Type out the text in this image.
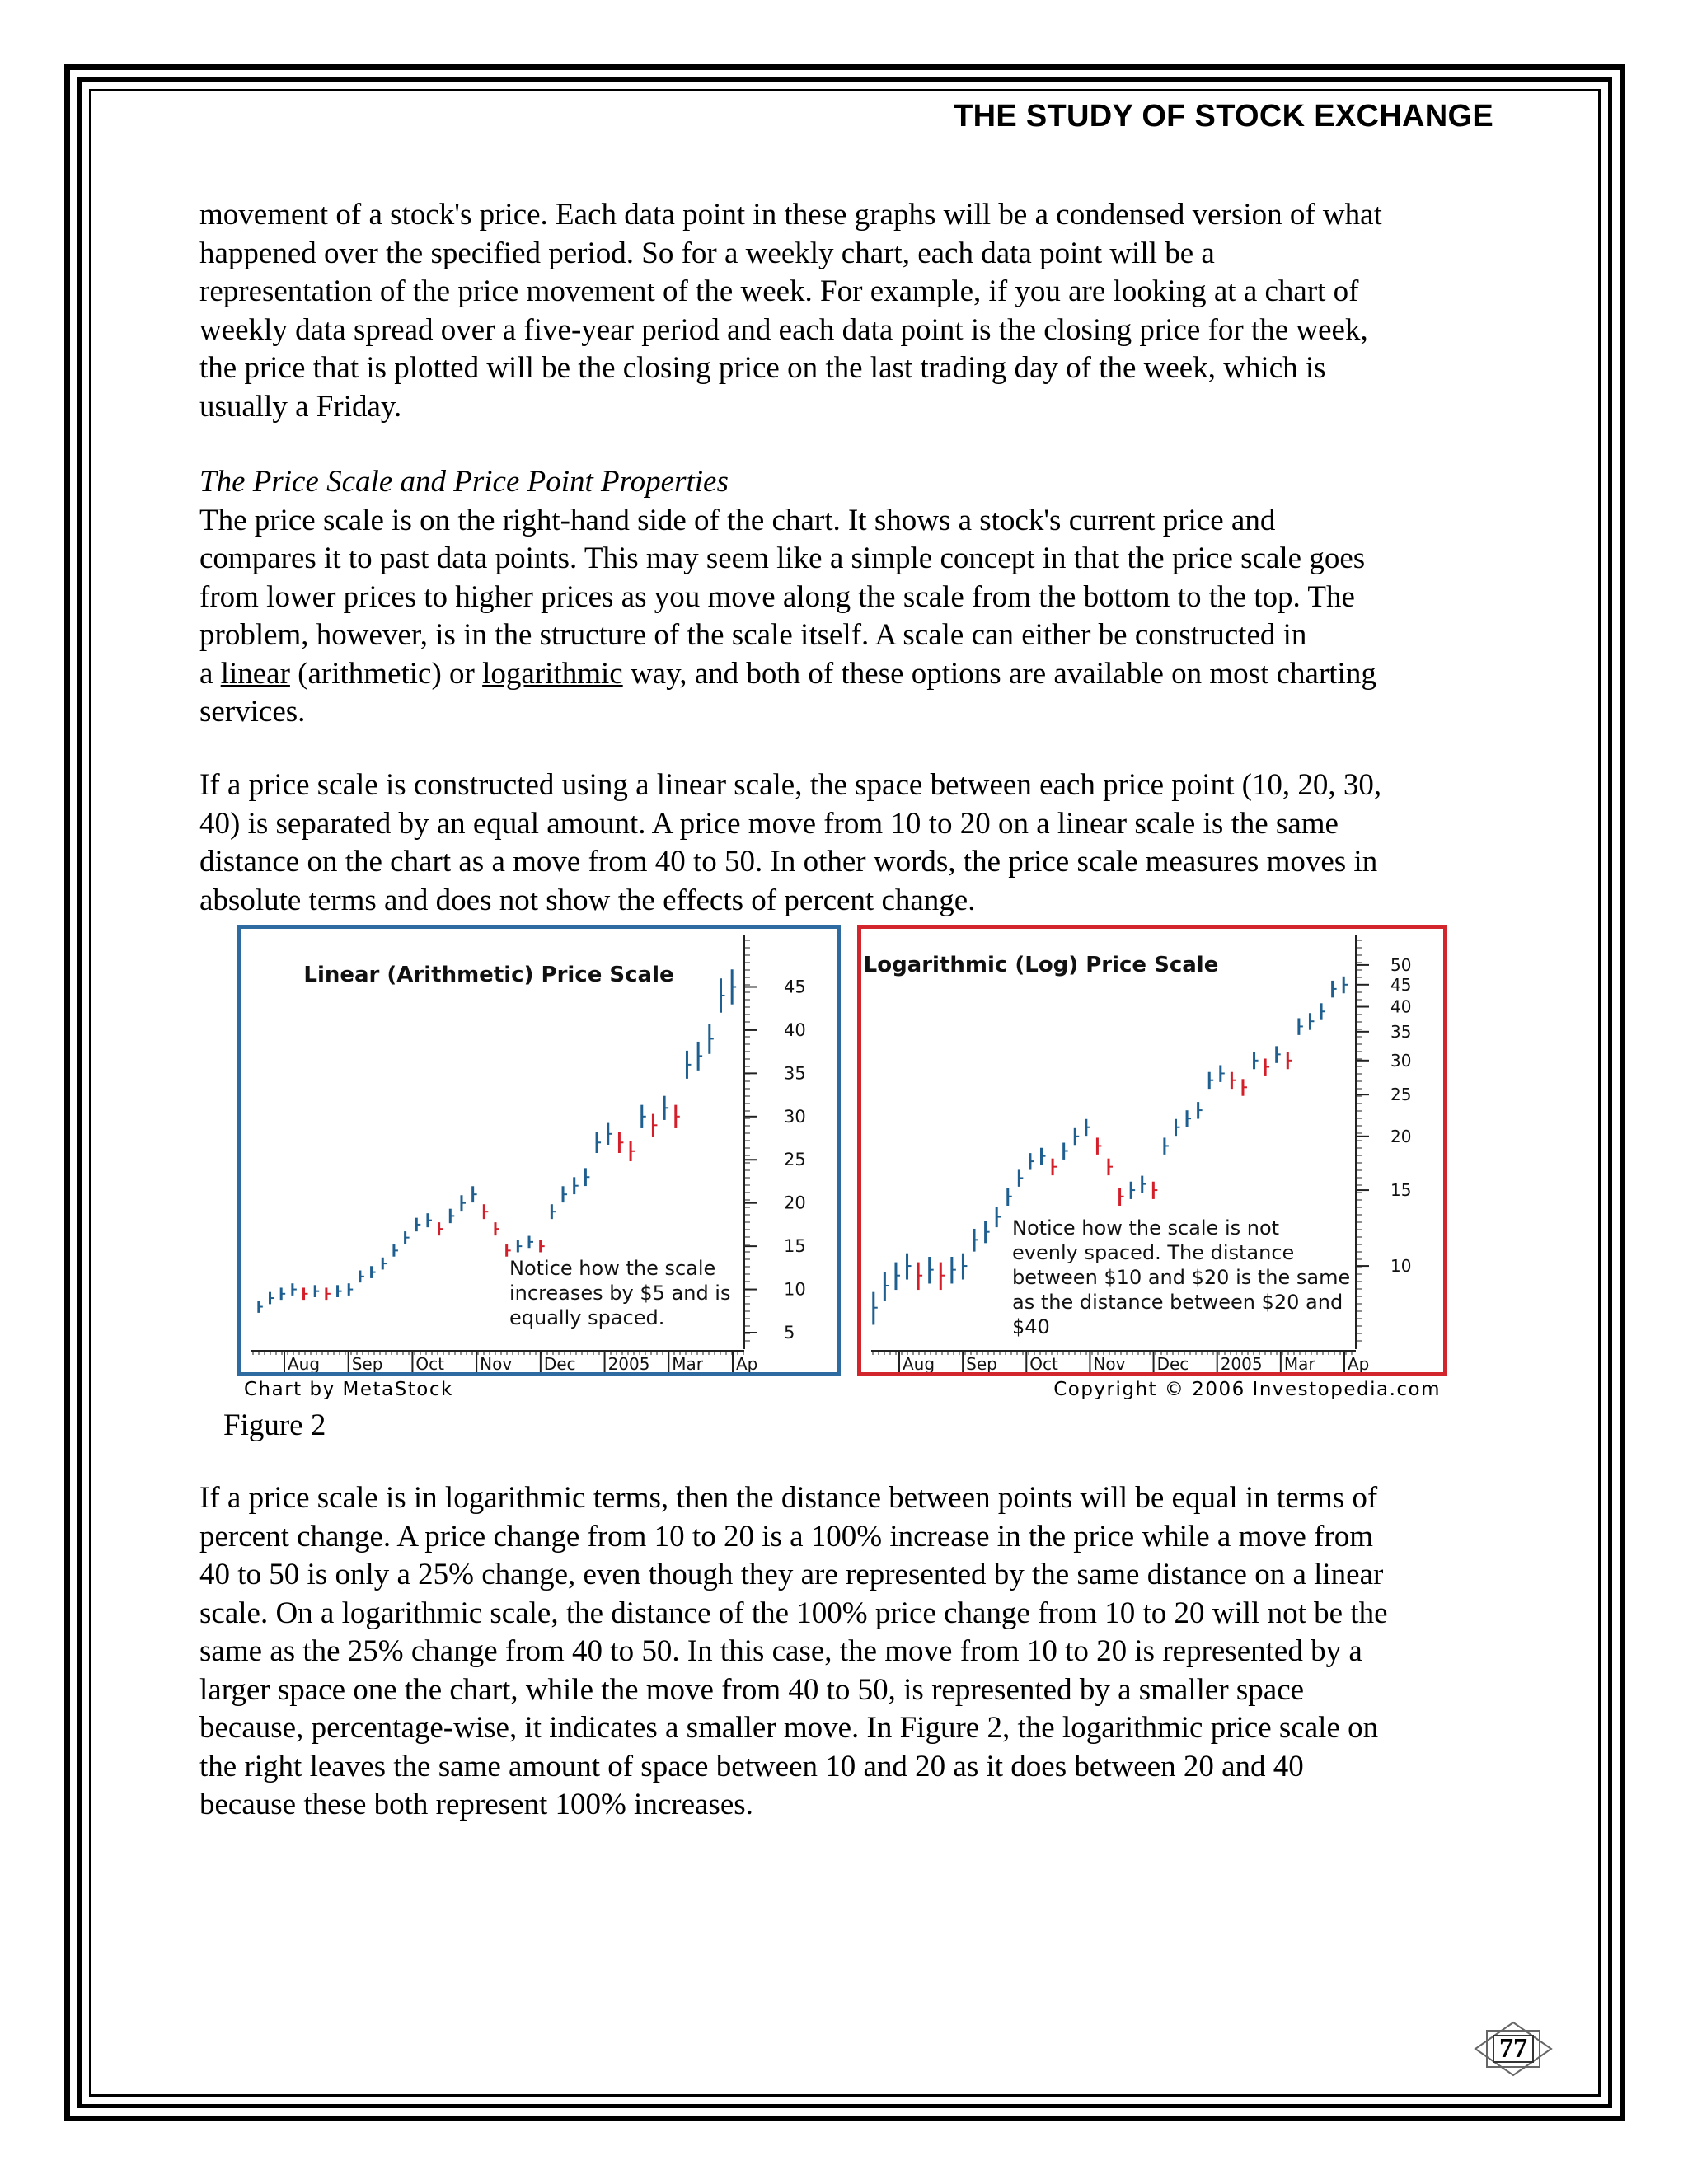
THE STUDY OF STOCK EXCHANGE

movement of a stock's price. Each data point in these graphs will be a condensed version of what

happened over the specified period. So for a weekly chart, each data point will be a

representation of the price movement of the week. For example, if you are looking at a chart of

weekly data spread over a five-year period and each data point is the closing price for the week,

the price that is plotted will be the closing price on the last trading day of the week, which is

usually a Friday.

The Price Scale and Price Point Properties

The price scale is on the right-hand side of the chart. It shows a stock's current price and

compares it to past data points. This may seem like a simple concept in that the price scale goes

from lower prices to higher prices as you move along the scale from the bottom to the top. The

problem, however, is in the structure of the scale itself. A scale can either be constructed in

a linear (arithmetic) or logarithmic way, and both of these options are available on most charting

services.

If a price scale is constructed using a linear scale, the space between each price point (10, 20, 30,

40) is separated by an equal amount. A price move from 10 to 20 on a linear scale is the same

distance on the chart as a move from 40 to 50. In other words, the price scale measures moves in

absolute terms and does not show the effects of percent change.

Linear (Arithmetic) Price Scale
5
10
15
20
25
30
35
40
45
Aug Sep Oct Nov Dec 2005 Mar Ap
Notice how the scale
increases by $5 and is
equally spaced.
Logarithmic (Log) Price Scale
10
15
20
25
30
35
40
45
50
Aug Sep Oct Nov Dec 2005 Mar Ap
Notice how the scale is not
evenly spaced. The distance
between $10 and $20 is the same
as the distance between $20 and
$40
Chart by MetaStock	Copyright © 2006 Investopedia.com
Figure 2

If a price scale is in logarithmic terms, then the distance between points will be equal in terms of

percent change. A price change from 10 to 20 is a 100% increase in the price while a move from

40 to 50 is only a 25% change, even though they are represented by the same distance on a linear

scale. On a logarithmic scale, the distance of the 100% price change from 10 to 20 will not be the

same as the 25% change from 40 to 50. In this case, the move from 10 to 20 is represented by a

larger space one the chart, while the move from 40 to 50, is represented by a smaller space

because, percentage-wise, it indicates a smaller move. In Figure 2, the logarithmic price scale on

the right leaves the same amount of space between 10 and 20 as it does between 20 and 40

because these both represent 100% increases.

77
